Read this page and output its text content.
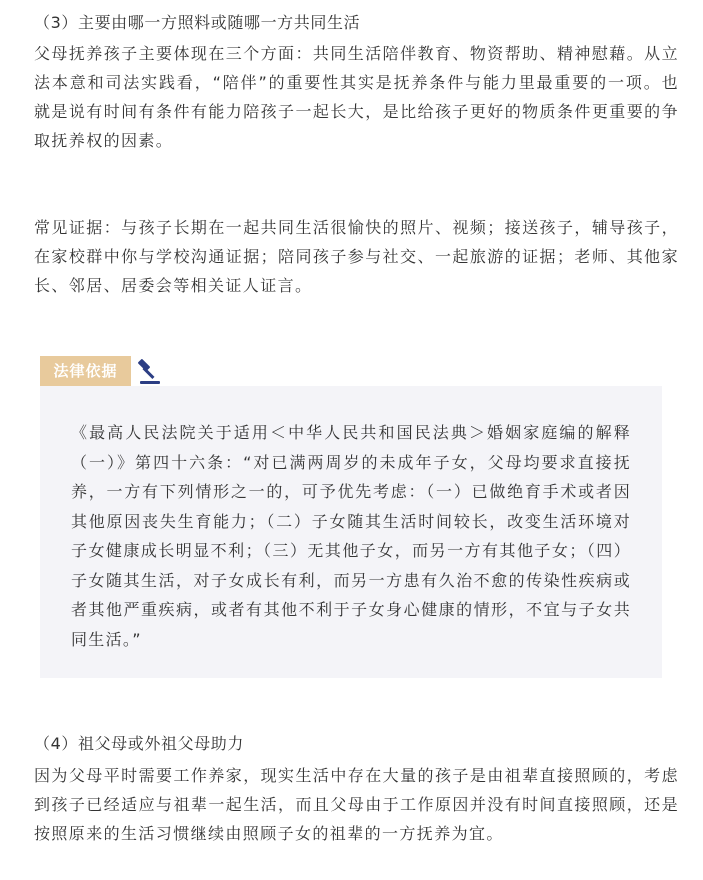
（3）主要由哪一方照料或随哪一方共同生活

父母抚养孩子主要体现在三个方面：共同生活陪伴教育、物资帮助、精神慰藉。从立法本意和司法实践看，“陪伴”的重要性其实是抚养条件与能力里最重要的一项。也就是说有时间有条件有能力陪孩子一起长大，是比给孩子更好的物质条件更重要的争取抚养权的因素。

常见证据：与孩子长期在一起共同生活很愉快的照片、视频；接送孩子，辅导孩子，在家校群中你与学校沟通证据；陪同孩子参与社交、一起旅游的证据；老师、其他家长、邻居、居委会等相关证人证言。

法律依据

《最高人民法院关于适用＜中华人民共和国民法典＞婚姻家庭编的解释（一）》第四十六条：“对已满两周岁的未成年子女，父母均要求直接抚养，一方有下列情形之一的，可予优先考虑：（一）已做绝育手术或者因其他原因丧失生育能力；（二）子女随其生活时间较长，改变生活环境对子女健康成长明显不利；（三）无其他子女，而另一方有其他子女；（四）子女随其生活，对子女成长有利，而另一方患有久治不愈的传染性疾病或者其他严重疾病，或者有其他不利于子女身心健康的情形，不宜与子女共同生活。”

（4）祖父母或外祖父母助力

因为父母平时需要工作养家，现实生活中存在大量的孩子是由祖辈直接照顾的，考虑到孩子已经适应与祖辈一起生活，而且父母由于工作原因并没有时间直接照顾，还是按照原来的生活习惯继续由照顾子女的祖辈的一方抚养为宜。
